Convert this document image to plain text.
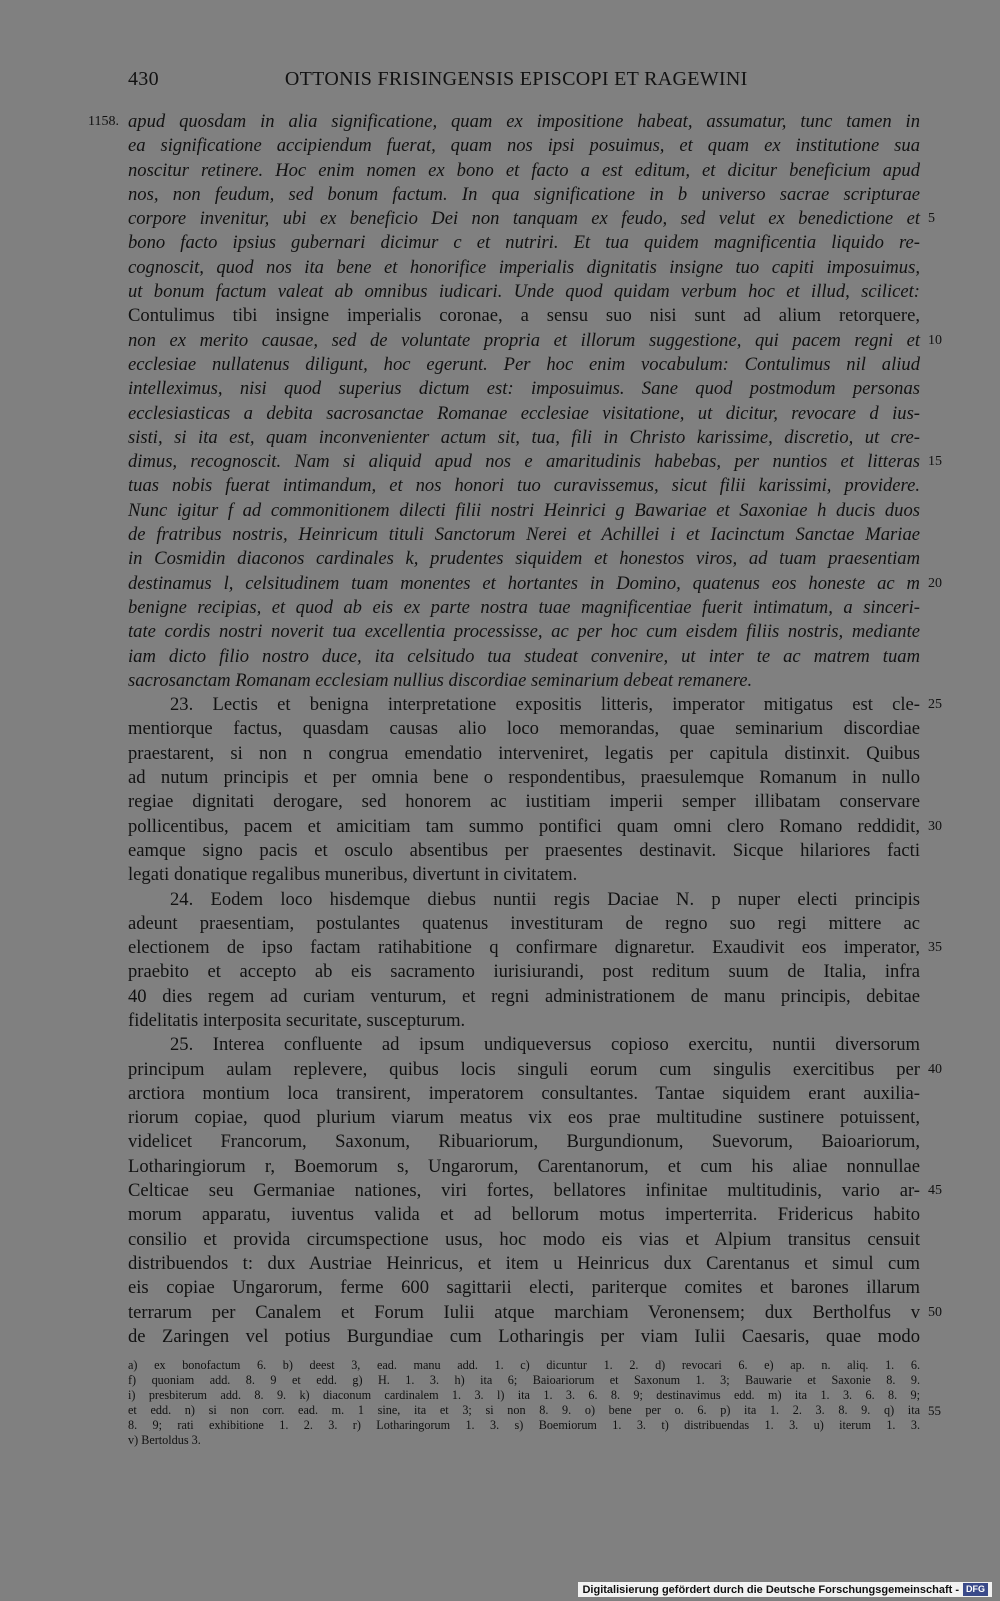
430	OTTONIS FRISINGENSIS EPISCOPI ET RAGEWINI
apud quosdam in alia significatione, quam ex impositione habeat, assumatur, tunc tamen in
1158.
ea significatione accipiendum fuerat, quam nos ipsi posuimus, et quam ex institutione sua
noscitur retinere. Hoc enim nomen ex bono et facto a est editum, et dicitur beneficium apud
nos, non feudum, sed bonum factum. In qua significatione in b universo sacrae scripturae
corpore invenitur, ubi ex beneficio Dei non tanquam ex feudo, sed velut ex benedictione et 5
bono facto ipsius gubernari dicimur c et nutriri. Et tua quidem magnificentia liquido re-
cognoscit, quod nos ita bene et honorifice imperialis dignitatis insigne tuo capiti imposuimus,
ut bonum factum valeat ab omnibus iudicari. Unde quod quidam verbum hoc et illud, scilicet:
Contulimus tibi insigne imperialis coronae, a sensu suo nisi sunt ad alium retorquere,
non ex merito causae, sed de voluntate propria et illorum suggestione, qui pacem regni et 10
ecclesiae nullatenus diligunt, hoc egerunt. Per hoc enim vocabulum: Contulimus nil aliud
intelleximus, nisi quod superius dictum est: imposuimus. Sane quod postmodum personas
ecclesiasticas a debita sacrosanctae Romanae ecclesiae visitatione, ut dicitur, revocare d ius-
sisti, si ita est, quam inconvenienter actum sit, tua, fili in Christo karissime, discretio, ut cre-
dimus, recognoscit. Nam si aliquid apud nos e amaritudinis habebas, per nuntios et litteras 15
tuas nobis fuerat intimandum, et nos honori tuo curavissemus, sicut filii karissimi, providere.
Nunc igitur f ad commonitionem dilecti filii nostri Heinrici g Bawariae et Saxoniae h ducis duos
de fratribus nostris, Heinricum tituli Sanctorum Nerei et Achillei i et Iacinctum Sanctae Mariae
in Cosmidin diaconos cardinales k, prudentes siquidem et honestos viros, ad tuam praesentiam
destinamus l, celsitudinem tuam monentes et hortantes in Domino, quatenus eos honeste ac m 20
benigne recipias, et quod ab eis ex parte nostra tuae magnificentiae fuerit intimatum, a sinceri-
tate cordis nostri noverit tua excellentia processisse, ac per hoc cum eisdem filiis nostris, mediante
iam dicto filio nostro duce, ita celsitudo tua studeat convenire, ut inter te ac matrem tuam
sacrosanctam Romanam ecclesiam nullius discordiae seminarium debeat remanere.
23. Lectis et benigna interpretatione expositis litteris, imperator mitigatus est cle- 25
mentiorque factus, quasdam causas alio loco memorandas, quae seminarium discordiae
praestarent, si non n congrua emendatio interveniret, legatis per capitula distinxit. Quibus
ad nutum principis et per omnia bene o respondentibus, praesulemque Romanum in nullo
regiae dignitati derogare, sed honorem ac iustitiam imperii semper illibatam conservare
pollicentibus, pacem et amicitiam tam summo pontifici quam omni clero Romano reddidit, 30
eamque signo pacis et osculo absentibus per praesentes destinavit. Sicque hilariores facti
legati donatique regalibus muneribus, divertunt in civitatem.
24. Eodem loco hisdemque diebus nuntii regis Daciae N. p nuper electi principis
adeunt praesentiam, postulantes quatenus investituram de regno suo regi mittere ac
electionem de ipso factam ratihabitione q confirmare dignaretur. Exaudivit eos imperator, 35
praebito et accepto ab eis sacramento iurisiurandi, post reditum suum de Italia, infra
40 dies regem ad curiam venturum, et regni administrationem de manu principis, debitae
fidelitatis interposita securitate, suscepturum.
25. Interea confluente ad ipsum undiqueversus copioso exercitu, nuntii diversorum
principum aulam replevere, quibus locis singuli eorum cum singulis exercitibus per 40
arctiora montium loca transirent, imperatorem consultantes. Tantae siquidem erant auxilia-
riorum copiae, quod plurium viarum meatus vix eos prae multitudine sustinere potuissent,
videlicet Francorum, Saxonum, Ribuariorum, Burgundionum, Suevorum, Baioariorum,
Lotharingiorum r, Boemorum s, Ungarorum, Carentanorum, et cum his aliae nonnullae
Celticae seu Germaniae nationes, viri fortes, bellatores infinitae multitudinis, vario ar- 45
morum apparatu, iuventus valida et ad bellorum motus imperterrita. Fridericus habito
consilio et provida circumspectione usus, hoc modo eis vias et Alpium transitus censuit
distribuendos t: dux Austriae Heinricus, et item u Heinricus dux Carentanus et simul cum
eis copiae Ungarorum, ferme 600 sagittarii electi, pariterque comites et barones illarum
terrarum per Canalem et Forum Iulii atque marchiam Veronensem; dux Bertholfus v 50
de Zaringen vel potius Burgundiae cum Lotharingis per viam Iulii Caesaris, quae modo
a) ex bonofactum 6. b) deest 3, ead. manu add. 1. c) dicuntur 1. 2. d) revocari 6. e) ap. n. aliq. 1. 6.
f) quoniam add. 8. 9 et edd. g) H. 1. 3. h) ita 6; Baioariorum et Saxonum 1. 3; Bauwarie et Saxonie 8. 9.
i) presbiterum add. 8. 9. k) diaconum cardinalem 1. 3. l) ita 1. 3. 6. 8. 9; destinavimus edd. m) ita 1. 3. 6. 8. 9;
et edd. n) si non corr. ead. m. 1 sine, ita et 3; si non 8. 9. o) bene per o. 6. p) ita 1. 2. 3. 8. 9. q) ita 55
8. 9; rati exhibitione 1. 2. 3. r) Lotharingorum 1. 3. s) Boemiorum 1. 3. t) distribuendas 1. 3. u) iterum 1. 3.
v) Bertoldus 3.
Digitalisierung gefördert durch die Deutsche Forschungsgemeinschaft - DFG
